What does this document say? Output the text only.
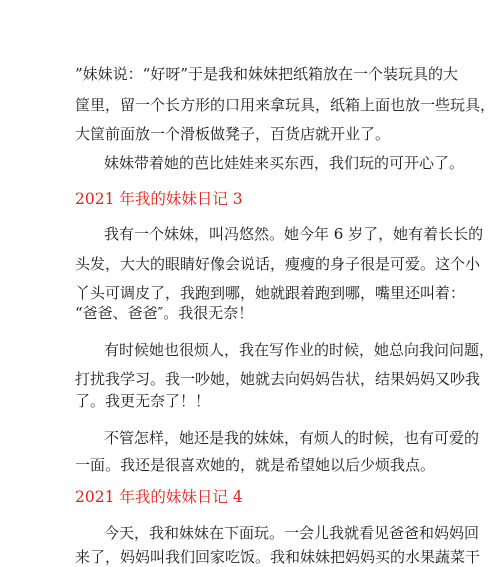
”妹妹说：“好呀”于是我和妹妹把纸箱放在一个装玩具的大
筐里，留一个长方形的口用来拿玩具，纸箱上面也放一些玩具，
大筐前面放一个滑板做凳子，百货店就开业了。
妹妹带着她的芭比娃娃来买东西，我们玩的可开心了。
2021 年我的妹妹日记 3
我有一个妹妹，叫冯悠然。她今年 6 岁了，她有着长长的
头发，大大的眼睛好像会说话，瘦瘦的身子很是可爱。这个小
丫头可调皮了，我跑到哪，她就跟着跑到哪，嘴里还叫着：
“爸爸、爸爸″。我很无奈！
有时候她也很烦人，我在写作业的时候，她总向我问问题，
打扰我学习。我一吵她，她就去向妈妈告状，结果妈妈又吵我
了。我更无奈了！！
不管怎样，她还是我的妹妹，有烦人的时候，也有可爱的
一面。我还是很喜欢她的，就是希望她以后少烦我点。
2021 年我的妹妹日记 4
今天，我和妹妹在下面玩。一会儿我就看见爸爸和妈妈回
来了，妈妈叫我们回家吃饭。我和妹妹把妈妈买的水果蔬菜干
